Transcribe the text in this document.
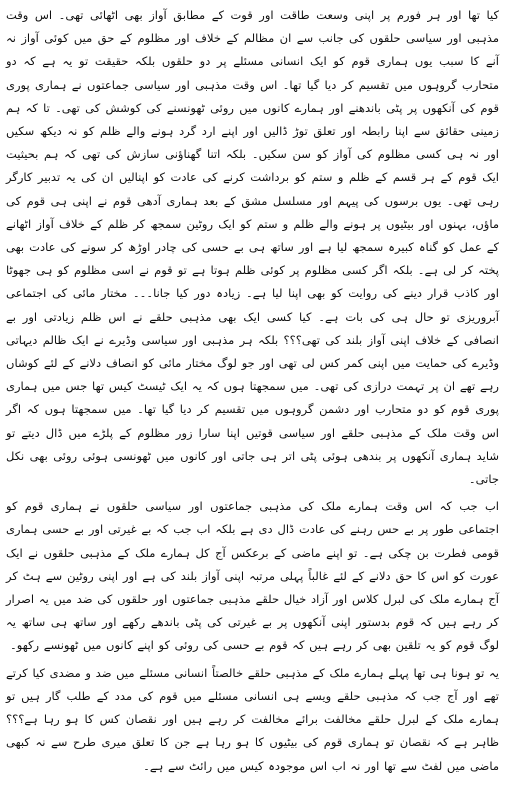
کیا تھا اور ہر فورم پر اپنی وسعت طاقت اور قوت کے مطابق آواز بھی اٹھائی تھی۔ اس وقت مذہبی اور سیاسی حلقوں کی جانب سے ان مظالم کے خلاف اور مظلوم کے حق میں کوئی آواز نہ آنے کا سبب یوں ہماری قوم کو ایک انسانی مسئلے پر دو حلقوں بلکہ حقیقت تو یہ ہے کہ دو متحارب گروہوں میں تقسیم کر دیا گیا تھا۔ اس وقت مذہبی اور سیاسی جماعتوں نے ہماری پوری قوم کی آنکھوں پر پٹی باندھنے اور ہمارے کانوں میں روئی ٹھونسنے کی کوشش کی تھی۔ تا کہ ہم زمینی حقائق سے اپنا رابطہ اور تعلق توڑ ڈالیں اور اپنے ارد گرد ہونے والے ظلم کو نہ دیکھ سکیں اور نہ ہی کسی مظلوم کی آواز کو سن سکیں۔ بلکہ اتنا گھناؤنی سازش کی تھی کہ ہم بحیثیت ایک قوم کے ہر قسم کے ظلم و ستم کو برداشت کرنے کی عادت کو اپنالیں ان کی یہ تدبیر کارگر رہی تھی۔ یوں برسوں کی پیہم اور مسلسل مشق کے بعد ہماری آدھی قوم نے اپنی ہی قوم کی ماؤں، بہنوں اور بیٹیوں پر ہونے والے ظلم و ستم کو ایک روٹین سمجھ کر ظلم کے خلاف آواز اٹھانے کے عمل کو گناہ کبیرہ سمجھ لیا ہے اور ساتھ ہی بے حسی کی چادر اوڑھ کر سونے کی عادت بھی پختہ کر لی ہے۔ بلکہ اگر کسی مظلوم پر کوئی ظلم ہوتا ہے تو قوم نے اسی مظلوم کو ہی جھوٹا اور کاذب قرار دینے کی روایت کو بھی اپنا لیا ہے۔ زیادہ دور کیا جانا۔۔۔ مختار مائی کی اجتماعی آبروریزی تو حال ہی کی بات ہے۔ کیا کسی ایک بھی مذہبی حلقے نے اس ظلم زیادتی اور بے انصافی کے خلاف اپنی آواز بلند کی تھی؟؟؟ بلکہ ہر مذہبی اور سیاسی وڈیرے نے ایک ظالم دیہاتی وڈیرے کی حمایت میں اپنی کمر کس لی تھی اور جو لوگ مختار مائی کو انصاف دلانے کے لئے کوشاں رہے تھے ان پر تہمت درازی کی تھی۔ میں سمجھتا ہوں کہ یہ ایک ٹیسٹ کیس تھا جس میں ہماری پوری قوم کو دو متحارب اور دشمن گروہوں میں تقسیم کر دیا گیا تھا۔ میں سمجھتا ہوں کہ اگر اس وقت ملک کے مذہبی حلقے اور سیاسی قوتیں اپنا سارا زور مظلوم کے پلڑے میں ڈال دیتے تو شاید ہماری آنکھوں پر بندھی ہوئی پٹی اتر ہی جاتی اور کانوں میں ٹھونسی ہوئی روئی بھی نکل جاتی۔

اب جب کہ اس وقت ہمارے ملک کی مذہبی جماعتوں اور سیاسی حلقوں نے ہماری قوم کو اجتماعی طور پر بے حس رہنے کی عادت ڈال دی ہے بلکہ اب جب کہ بے غیرتی اور بے حسی ہماری قومی فطرت بن چکی ہے۔ تو اپنے ماضی کے برعکس آج کل ہمارے ملک کے مذہبی حلقوں نے ایک عورت کو اس کا حق دلانے کے لئے غالباً پہلی مرتبہ اپنی آواز بلند کی ہے اور اپنی روٹین سے ہٹ کر آج ہمارے ملک کی لبرل کلاس اور آزاد خیال حلقے مذہبی جماعتوں اور حلقوں کی ضد میں یہ اصرار کر رہے ہیں کہ قوم بدستور اپنی آنکھوں پر بے غیرتی کی پٹی باندھے رکھے اور ساتھ ہی ساتھ یہ لوگ قوم کو یہ تلقین بھی کر رہے ہیں کہ قوم بے حسی کی روئی کو اپنے کانوں میں ٹھونسے رکھو۔

یہ تو ہونا ہی تھا پہلے ہمارے ملک کے مذہبی حلقے خالصتاً انسانی مسئلے میں ضد و مضدی کیا کرتے تھے اور آج جب کہ مذہبی حلقے ویسے ہی انسانی مسئلے میں قوم کی مدد کے طلب گار ہیں تو ہمارے ملک کے لبرل حلقے مخالفت برائے مخالفت کر رہے ہیں اور نقصان کس کا ہو رہا ہے؟؟؟ ظاہر ہے کہ نقصان تو ہماری قوم کی بیٹیوں کا ہو رہا ہے جن کا تعلق میری طرح سے نہ کبھی ماضی میں لفٹ سے تھا اور نہ اب اس موجودہ کیس میں رائٹ سے ہے۔
